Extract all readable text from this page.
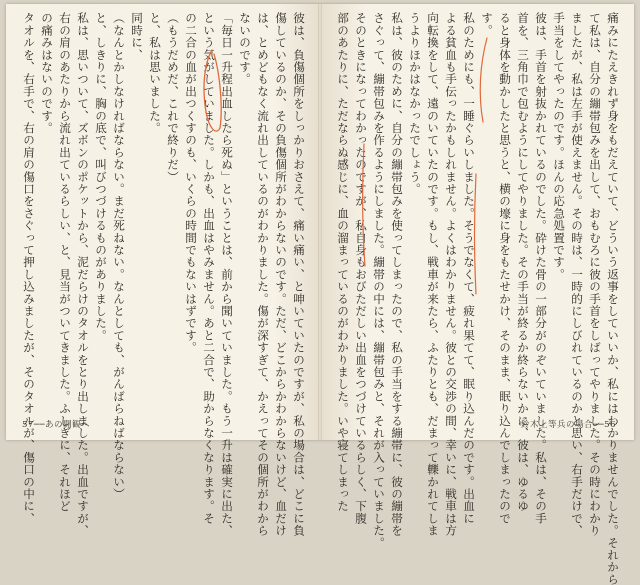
彼は、負傷個所をしっかりおさえて、痛い痛い、と呻いていたのですが、私の場合は、どこに負
傷しているのか、その負傷個所がわからないのです。ただ、どこからかわからないけど、血だけ
は、とめどもなく流れ出しているのがわかりました。傷が深すぎて、かえってその個所がわから
ないのです。
「毎日一升程出血したら死ぬ」ということは、前から聞いていました。もう一升は確実に出た、
という気がしていました。しかも、出血はやみません。あと二合で、助からなくなります。そ
の二合の血が出つくすのも、いくらの時間でもないはずです。
（もうだめだ、これで終りだ）
と、私は思いました。
同時に、
（なんとかしなければならない。まだ死ねない。なんとしても、がんばらねばならない）
と、しきりに、胸の底で、叫びつづけるものがありました。
私は、思いついて、ズボンのポケットから、泥だらけのタオルをとり出しました。出血ですが、
右の肩のあたりから流れ出ているらしい、と、見当がついてきました。ふしぎに、それほど
の痛みはないのです。
タオルを、右手で、右の肩の傷口をさぐって押し込みましたが、そのタオルが、傷口の中に、
57──あの闘観へ	痛みにたえきれず身をもだえていて、どういう返事をしていいか、私にはわかりませんでした。それから
て私は、自分の繃帯包みを出して、おもむろに彼の手首をしばってやりました。その時にわかり
ましたが、私は左手が使えません。その時は、一時的にしびれているのかと思い、右手だけで、
手当をしてやったのです。ほんの応急処置です。
彼は、手首を射抜かれているのでした。砕けた骨の一部分がのぞいていました。私は、その手
首を、三角巾で包むようにしてやりました。その手当が終るか終らないかに、彼は、ゆるゆ
ると身体を動かしたと思うと、横の壕に身をもたせかけ、そのまま、眠り込んでしまったので
す。
私のためにも、一睡ぐらいしました。そうでなくて、疲れ果てて、眠り込んだのです。出血に
よる貧血も手伝ったかもしれません。よくはわかりません。彼との交渉の間、幸いに、戦車は方
向転換をして、遠のいていたのです。もし、戦車が来たら、ふたりとも、だまって轢かれてしま
うよりほかはなかったでしょう。
私は、彼のために、自分の繃帯包みを使ってしまったので、私の手当をする繃帯に、彼の繃帯を
さぐって、繃帯包みを作るようにしました。繃帯の中には、繃帯包みと、それが入っていました。
そのときになってわかったのですが、私自身もおびただしい出血をつづけているらしく、下腹
部のあたりに、ただならぬ感じに、血の溜まっているのがわかりました。いや寝てしまった	鈴木上等兵の場合──56
